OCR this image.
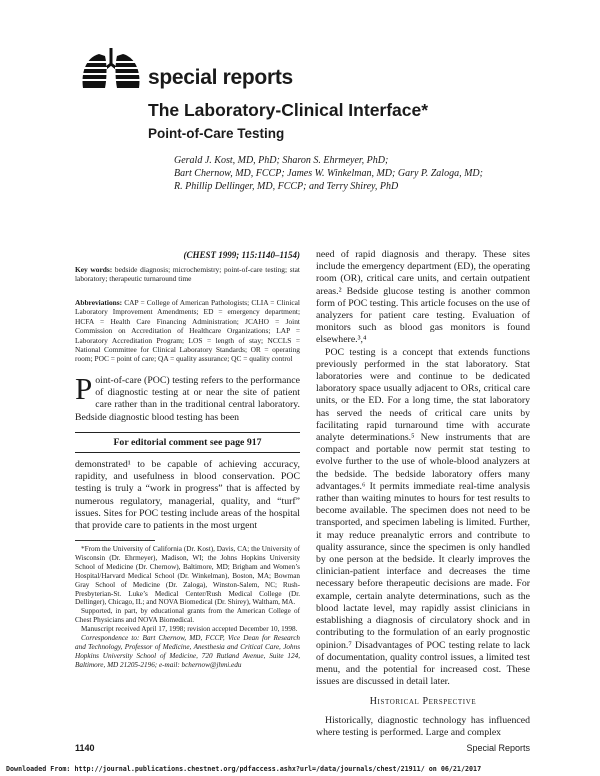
special reports
The Laboratory-Clinical Interface*
Point-of-Care Testing
Gerald J. Kost, MD, PhD; Sharon S. Ehrmeyer, PhD;
Bart Chernow, MD, FCCP; James W. Winkelman, MD; Gary P. Zaloga, MD;
R. Phillip Dellinger, MD, FCCP; and Terry Shirey, PhD
(CHEST 1999; 115:1140–1154)
Key words: bedside diagnosis; microchemistry; point-of-care testing; stat laboratory; therapeutic turnaround time
Abbreviations: CAP = College of American Pathologists; CLIA = Clinical Laboratory Improvement Amendments; ED = emergency department; HCFA = Health Care Financing Administration; JCAHO = Joint Commission on Accreditation of Healthcare Organizations; LAP = Laboratory Accreditation Program; LOS = length of stay; NCCLS = National Committee for Clinical Laboratory Standards; OR = operating room; POC = point of care; QA = quality assurance; QC = quality control
Point-of-care (POC) testing refers to the performance of diagnostic testing at or near the site of patient care rather than in the traditional central laboratory. Bedside diagnostic blood testing has been
For editorial comment see page 917
demonstrated¹ to be capable of achieving accuracy, rapidity, and usefulness in blood conservation. POC testing is truly a “work in progress” that is affected by numerous regulatory, managerial, quality, and “turf” issues. Sites for POC testing include areas of the hospital that provide care to patients in the most urgent

*From the University of California (Dr. Kost), Davis, CA; the University of Wisconsin (Dr. Ehrmeyer), Madison, WI; the Johns Hopkins University School of Medicine (Dr. Chernow), Baltimore, MD; Brigham and Women’s Hospital/Harvard Medical School (Dr. Winkelman), Boston, MA; Bowman Gray School of Medicine (Dr. Zaloga), Winston-Salem, NC; Rush-Presbyterian-St. Luke’s Medical Center/Rush Medical College (Dr. Dellinger), Chicago, IL; and NOVA Biomedical (Dr. Shirey), Waltham, MA.

Supported, in part, by educational grants from the American College of Chest Physicians and NOVA Biomedical.

Manuscript received April 17, 1998; revision accepted December 10, 1998.

Correspondence to: Bart Chernow, MD, FCCP, Vice Dean for Research and Technology, Professor of Medicine, Anesthesia and Critical Care, Johns Hopkins University School of Medicine, 720 Rutland Avenue, Suite 124, Baltimore, MD 21205-2196; e-mail: bchernow@jhmi.edu

need of rapid diagnosis and therapy. These sites include the emergency department (ED), the operating room (OR), critical care units, and certain outpatient areas.² Bedside glucose testing is another common form of POC testing. This article focuses on the use of analyzers for patient care testing. Evaluation of monitors such as blood gas monitors is found elsewhere.³,⁴

POC testing is a concept that extends functions previously performed in the stat laboratory. Stat laboratories were and continue to be dedicated laboratory space usually adjacent to ORs, critical care units, or the ED. For a long time, the stat laboratory has served the needs of critical care units by facilitating rapid turnaround time with accurate analyte determinations.⁵ New instruments that are compact and portable now permit stat testing to evolve further to the use of whole-blood analyzers at the bedside. The bedside laboratory offers many advantages.⁶ It permits immediate real-time analysis rather than waiting minutes to hours for test results to become available. The specimen does not need to be transported, and specimen labeling is limited. Further, it may reduce preanalytic errors and contribute to quality assurance, since the specimen is only handled by one person at the bedside. It clearly improves the clinician-patient interface and decreases the time necessary before therapeutic decisions are made. For example, certain analyte determinations, such as the blood lactate level, may rapidly assist clinicians in establishing a diagnosis of circulatory shock and in contributing to the formulation of an early prognostic opinion.⁷ Disadvantages of POC testing relate to lack of documentation, quality control issues, a limited test menu, and the potential for increased cost. These issues are discussed in detail later.

Historical Perspective

Historically, diagnostic technology has influenced where testing is performed. Large and complex

1140	Special Reports
Downloaded From: http://journal.publications.chestnet.org/pdfaccess.ashx?url=/data/journals/chest/21911/ on 06/21/2017
